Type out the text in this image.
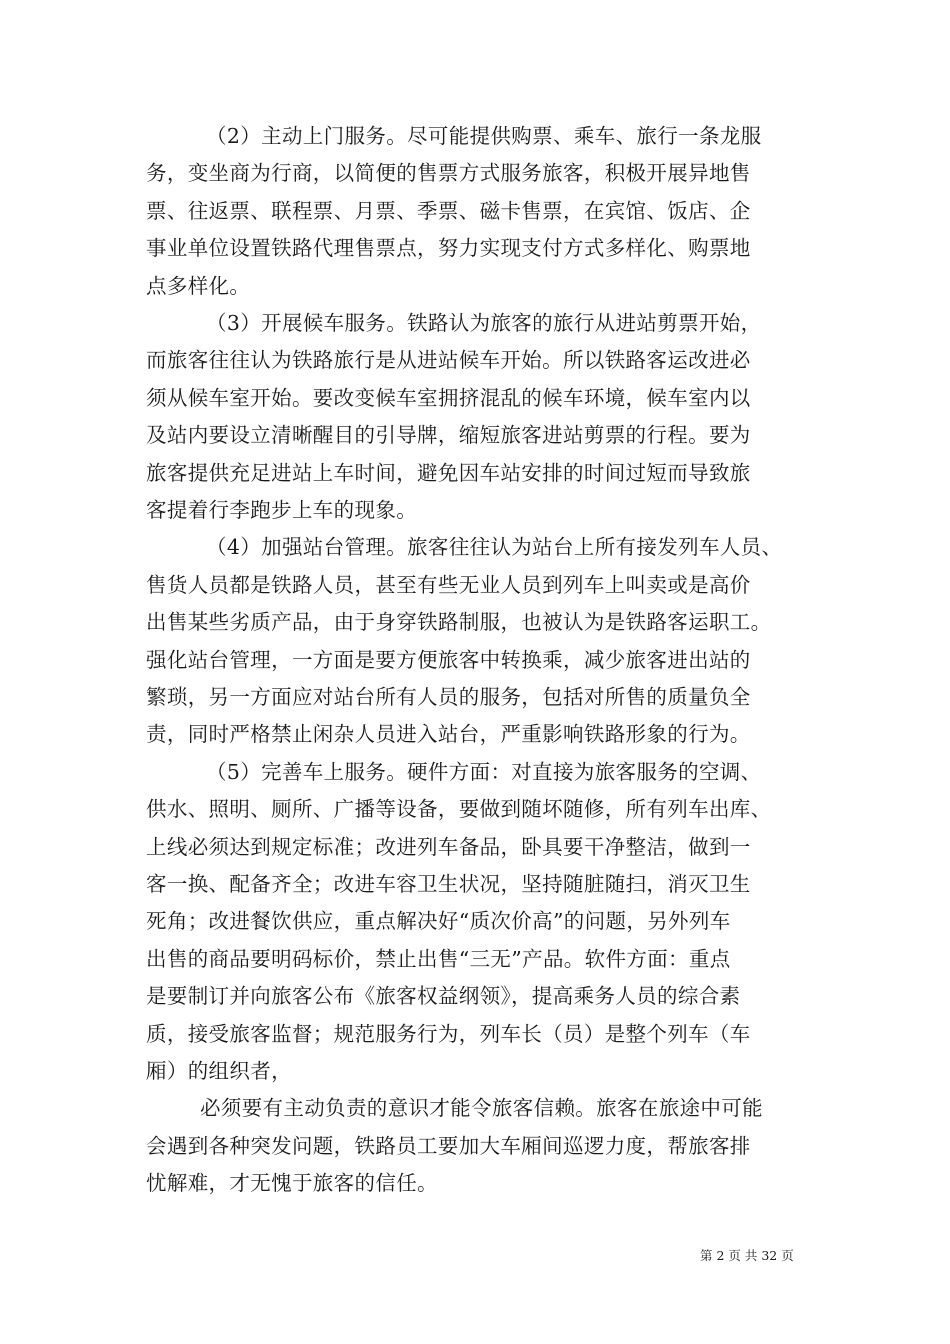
（2）主动上门服务。尽可能提供购票、乘车、旅行一条龙服
务，变坐商为行商，以简便的售票方式服务旅客，积极开展异地售
票、往返票、联程票、月票、季票、磁卡售票，在宾馆、饭店、企
事业单位设置铁路代理售票点，努力实现支付方式多样化、购票地
点多样化。
（3）开展候车服务。铁路认为旅客的旅行从进站剪票开始，
而旅客往往认为铁路旅行是从进站候车开始。所以铁路客运改进必
须从候车室开始。要改变候车室拥挤混乱的候车环境，候车室内以
及站内要设立清晰醒目的引导牌，缩短旅客进站剪票的行程。要为
旅客提供充足进站上车时间，避免因车站安排的时间过短而导致旅
客提着行李跑步上车的现象。
（4）加强站台管理。旅客往往认为站台上所有接发列车人员、
售货人员都是铁路人员，甚至有些无业人员到列车上叫卖或是高价
出售某些劣质产品，由于身穿铁路制服，也被认为是铁路客运职工。
强化站台管理，一方面是要方便旅客中转换乘，减少旅客进出站的
繁琐，另一方面应对站台所有人员的服务，包括对所售的质量负全
责，同时严格禁止闲杂人员进入站台，严重影响铁路形象的行为。
（5）完善车上服务。硬件方面：对直接为旅客服务的空调、
供水、照明、厕所、广播等设备，要做到随坏随修，所有列车出库、
上线必须达到规定标准；改进列车备品，卧具要干净整洁，做到一
客一换、配备齐全；改进车容卫生状况，坚持随脏随扫，消灭卫生
死角；改进餐饮供应，重点解决好“质次价高”的问题，另外列车
出售的商品要明码标价，禁止出售“三无”产品。软件方面：重点
是要制订并向旅客公布《旅客权益纲领》，提高乘务人员的综合素
质，接受旅客监督；规范服务行为，列车长（员）是整个列车（车
厢）的组织者，
必须要有主动负责的意识才能令旅客信赖。旅客在旅途中可能
会遇到各种突发问题，铁路员工要加大车厢间巡逻力度，帮旅客排
忧解难，才无愧于旅客的信任。
第 2 页 共 32 页
